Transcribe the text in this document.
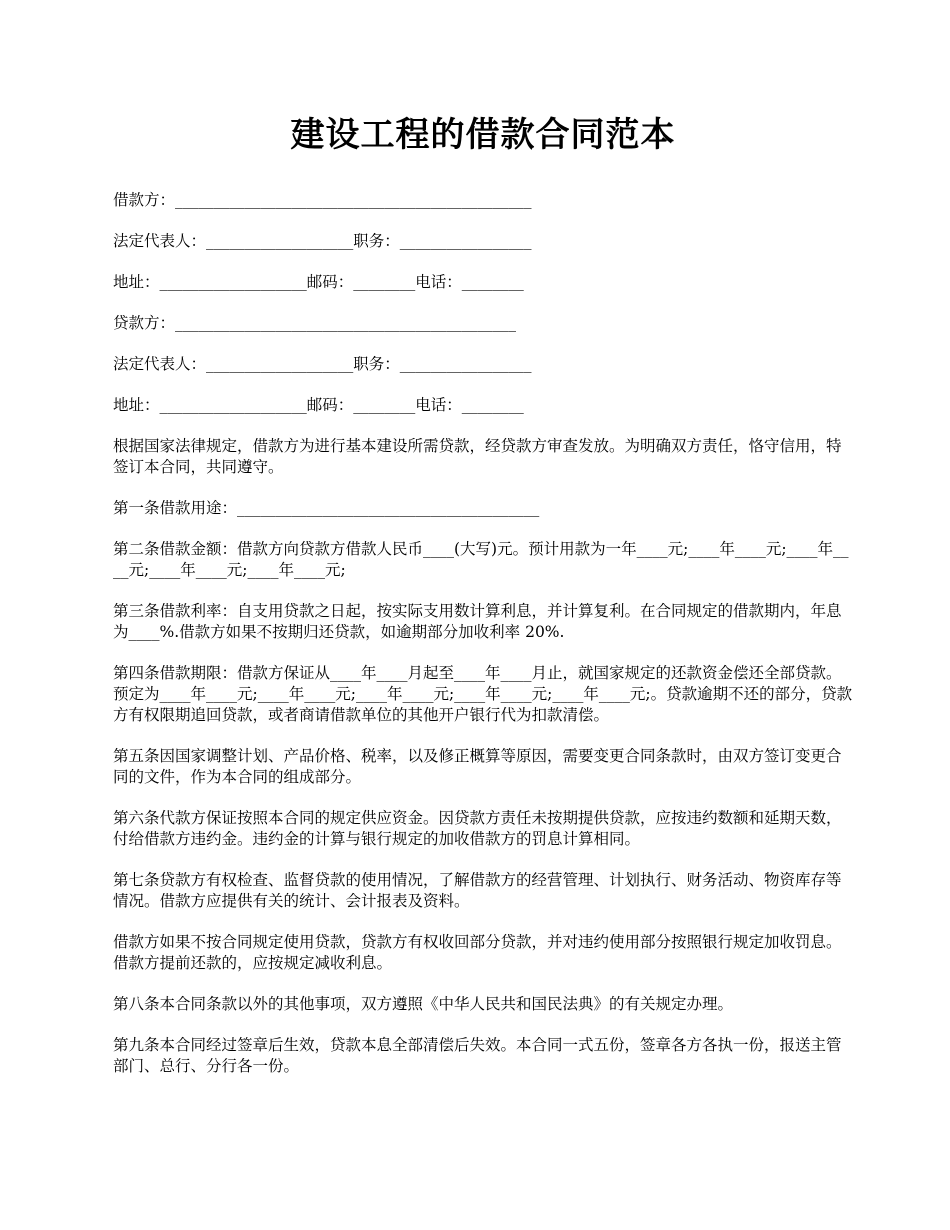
建设工程的借款合同范本
借款方：______________________________________________
法定代表人：___________________职务：_________________
地址：___________________邮码：________电话：________
贷款方：____________________________________________
法定代表人：___________________职务：_________________
地址：___________________邮码：________电话：________

根据国家法律规定，借款方为进行基本建设所需贷款，经贷款方审查发放。为明确双方责任，恪守信用，特签订本合同，共同遵守。

第一条借款用途：_______________________________________

第二条借款金额：借款方向贷款方借款人民币____(大写)元。预计用款为一年____元;____年____元;____年____元;____年____元;____年____元;

第三条借款利率：自支用贷款之日起，按实际支用数计算利息，并计算复利。在合同规定的借款期内，年息为____%.借款方如果不按期归还贷款，如逾期部分加收利率 20%.

第四条借款期限：借款方保证从____年____月起至____年____月止，就国家规定的还款资金偿还全部贷款。预定为____年____元;____年____元;____年____元;____年____元;____年____元;。贷款逾期不还的部分，贷款方有权限期追回贷款，或者商请借款单位的其他开户银行代为扣款清偿。

第五条因国家调整计划、产品价格、税率，以及修正概算等原因，需要变更合同条款时，由双方签订变更合同的文件，作为本合同的组成部分。

第六条代款方保证按照本合同的规定供应资金。因贷款方责任未按期提供贷款，应按违约数额和延期天数，付给借款方违约金。违约金的计算与银行规定的加收借款方的罚息计算相同。

第七条贷款方有权检查、监督贷款的使用情况，了解借款方的经营管理、计划执行、财务活动、物资库存等情况。借款方应提供有关的统计、会计报表及资料。

借款方如果不按合同规定使用贷款，贷款方有权收回部分贷款，并对违约使用部分按照银行规定加收罚息。借款方提前还款的，应按规定减收利息。

第八条本合同条款以外的其他事项，双方遵照《中华人民共和国民法典》的有关规定办理。

第九条本合同经过签章后生效，贷款本息全部清偿后失效。本合同一式五份，签章各方各执一份，报送主管部门、总行、分行各一份。
